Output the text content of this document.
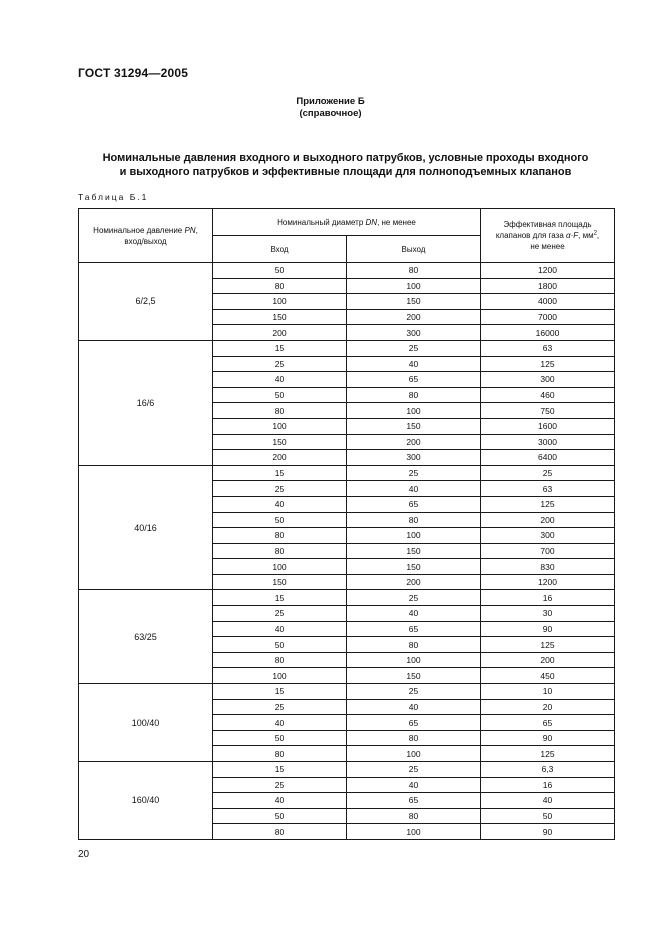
ГОСТ 31294—2005
Приложение Б
(справочное)
Номинальные давления входного и выходного патрубков, условные проходы входного
и выходного патрубков и эффективные площади для полноподъемных клапанов
Таблица Б.1
Номинальное давление PN,
вход/выход	Номинальный диаметр DN, не менее		Эффективная площадь
клапанов для газа α·F, $мм^2$,
не менее
	Вход	Выход	
6/2,5	50	80	1200
	80	100	1800
	100	150	4000
	150	200	7000
	200	300	16000
16/6	15	25	63
	25	40	125
	40	65	300
	50	80	460
	80	100	750
	100	150	1600
	150	200	3000
	200	300	6400
40/16	15	25	25
	25	40	63
	40	65	125
	50	80	200
	80	100	300
	80	150	700
	100	150	830
	150	200	1200
63/25	15	25	16
	25	40	30
	40	65	90
	50	80	125
	80	100	200
	100	150	450
100/40	15	25	10
	25	40	20
	40	65	65
	50	80	90
	80	100	125
160/40	15	25	6,3
	25	40	16
	40	65	40
	50	80	50
	80	100	90
20
